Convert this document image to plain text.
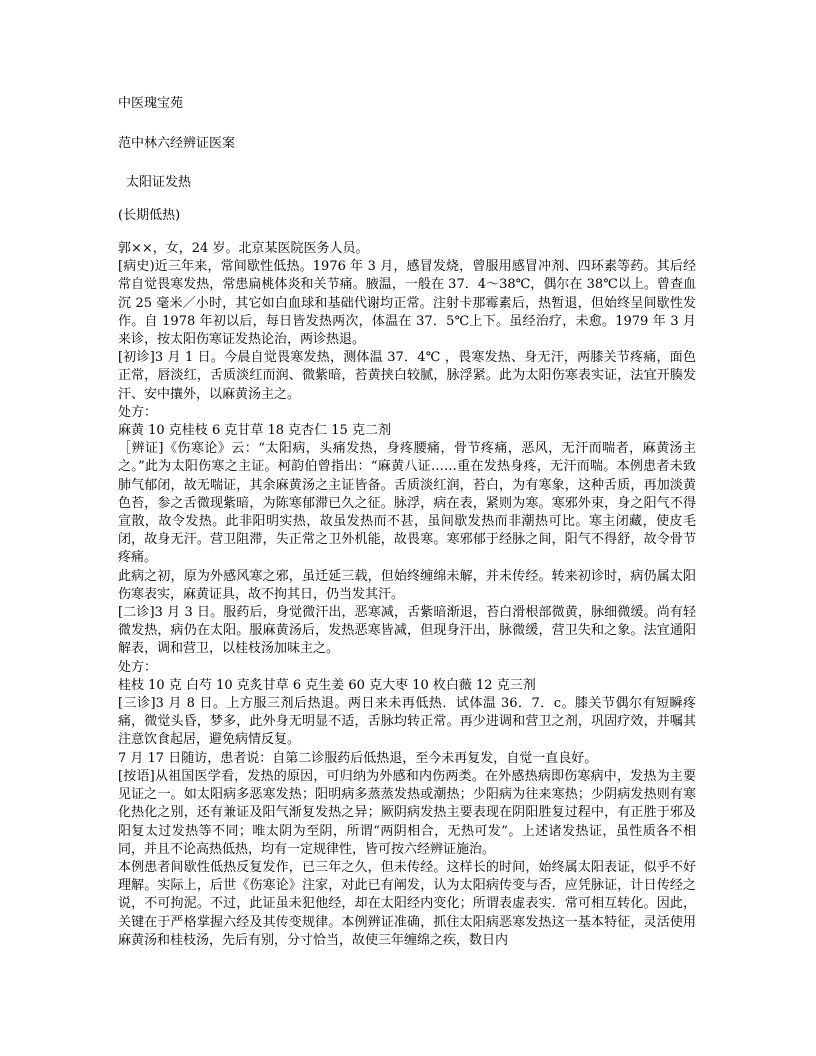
中医瑰宝苑
范中林六经辨证医案
太阳证发热
(长期低热)

郭××，女，24 岁。北京某医院医务人员。

[病史)近三年来，常间歇性低热。1976 年 3 月，感冒发烧，曾服用感冒冲剂、四环素等药。其后经常自觉畏寒发热，常患扁桃体炎和关节痛。腋温，一般在 37．4～38℃，偶尔在 38℃以上。曾查血沉 25 毫米／小时，其它如白血球和基础代谢均正常。注射卡那霉素后，热暂退，但始终呈间歇性发作。自 1978 年初以后，每日皆发热两次，体温在 37．5℃上下。虽经治疗，未愈。1979 年 3 月来诊，按太阳伤寒证发热论治，两诊热退。

[初诊]3 月 1 日。今晨自觉畏寒发热，测体温 37．4℃ ，畏寒发热、身无汗，两膝关节疼痛，面色正常，唇淡红，舌质淡红而润、微紫暗，苔黄挟白较腻，脉浮紧。此为太阳伤寒表实证，法宜开腠发汗、安中攘外，以麻黄汤主之。

处方：

麻黄 10 克桂枝 6 克甘草 18 克杏仁 15 克二剂

［辨证]《伤寒论》云：“太阳病，头痛发热，身疼腰痛，骨节疼痛，恶风，无汗而喘者，麻黄汤主之。”此为太阳伤寒之主证。柯韵伯曾指出：“麻黄八证……重在发热身疼，无汗而喘。本例患者未致肺气郁闭，故无喘证，其余麻黄汤之主证皆备。舌质淡红润，苔白，为有寒象，这种舌质，再加淡黄色苔，参之舌微现紫暗，为陈寒郁滞已久之征。脉浮，病在表，紧则为寒。寒邪外束，身之阳气不得宣散，故令发热。此非阳明实热，故虽发热而不甚，虽间歇发热而非潮热可比。寒主闭藏，使皮毛闭，故身无汗。营卫阻滞，失正常之卫外机能，故畏寒。寒邪郁于经脉之间，阳气不得舒，故令骨节疼痛。

此病之初，原为外感风寒之邪，虽迁延三载，但始终缠绵未解，并未传经。转来初诊时，病仍属太阳伤寒表实，麻黄证具，故不拘其日，仍当发其汗。

[二诊]3 月 3 日。服药后，身觉微汗出，恶寒减，舌紫暗渐退，苔白滑根部微黄，脉细微缓。尚有轻微发热，病仍在太阳。服麻黄汤后，发热恶寒皆减，但现身汗出，脉微缓，营卫失和之象。法宜通阳解表，调和营卫，以桂枝汤加味主之。

处方：

桂枝 10 克 白芍 10 克炙甘草 6 克生姜 60 克大枣 10 枚白薇 12 克三剂

[三诊]3 月 8 日。上方服三剂后热退。两日来未再低热．试体温 36．7．c。膝关节偶尔有短瞬疼痛，微觉头昏，梦多，此外身无明显不适，舌脉均转正常。再少进调和营卫之剂，巩固疗效，并嘱其注意饮食起居，避免病情反复。

7 月 17 日随访，患者说：自第二诊服药后低热退，至今未再复发，自觉一直良好。

[按语]从祖国医学看，发热的原因，可归纳为外感和内伤两类。在外感热病即伤寒病中，发热为主要见证之一。如太阳病多恶寒发热；阳明病多蒸蒸发热或潮热；少阳病为往来寒热；少阴病发热则有寒化热化之别，还有兼证及阳气渐复发热之异；厥阴病发热主要表现在阴阳胜复过程中，有正胜于邪及阳复太过发热等不同；唯太阴为至阴，所谓“两阴相合，无热可发”。上述诸发热证，虽性质各不相同，并且不论高热低热，均有一定规律性，皆可按六经辨证施治。

本例患者间歇性低热反复发作，已三年之久，但未传经。这样长的时间，始终属太阳表证，似乎不好理解。实际上，后世《伤寒论》注家，对此已有阐发，认为太阳病传变与否，应凭脉证，计日传经之说，不可拘泥。不过，此证虽未犯他经，却在太阳经内变化；所谓表虚表实．常可相互转化。因此，关键在于严格掌握六经及其传变规律。本例辨证准确，抓住太阳病恶寒发热这一基本特征，灵活使用麻黄汤和桂枝汤，先后有别，分寸恰当，故使三年缠绵之疾，数日内
